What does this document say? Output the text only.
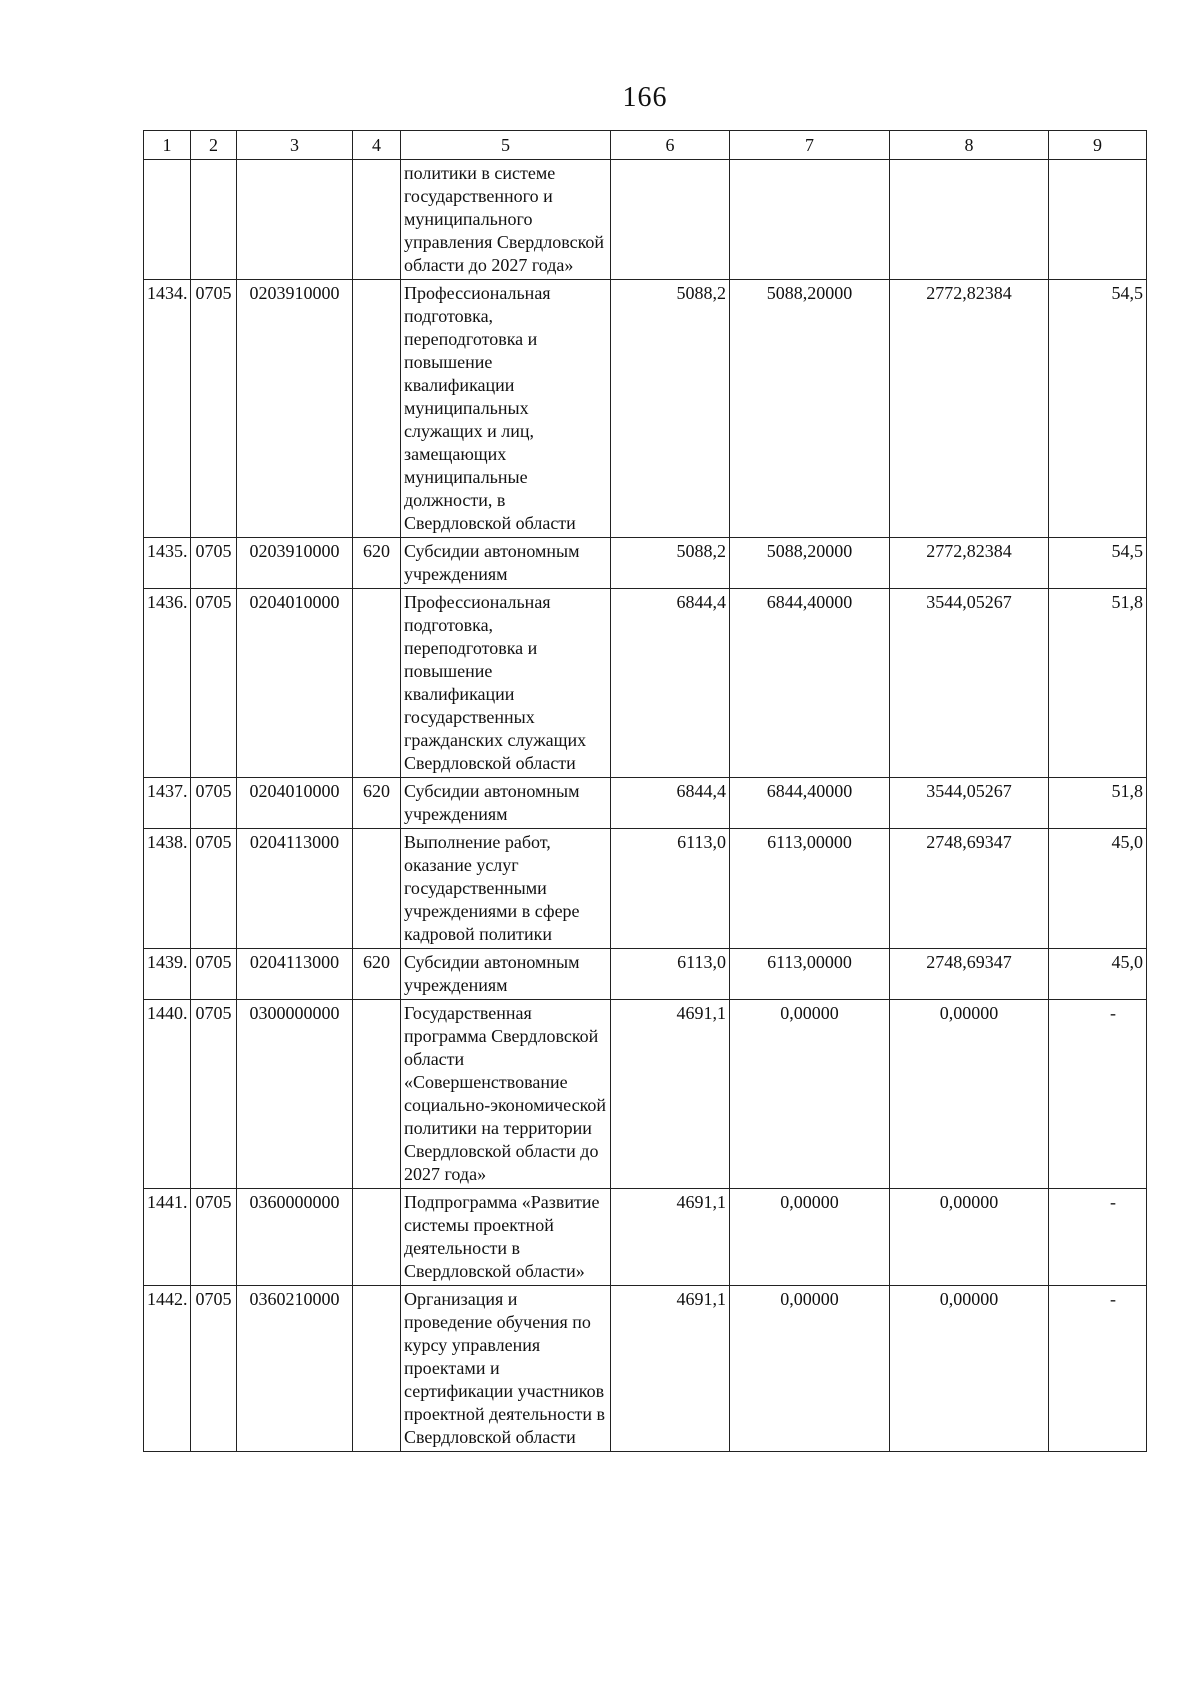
166
1	2	3	4	5	6	7	8	9
				политики в системе государственного и муниципального управления Свердловской области до 2027 года»				
1434.	0705	0203910000		Профессиональная подготовка, переподготовка и повышение квалификации муниципальных служащих и лиц, замещающих муниципальные должности, в Свердловской области	5088,2	5088,20000	2772,82384	54,5
1435.	0705	0203910000	620	Субсидии автономным учреждениям	5088,2	5088,20000	2772,82384	54,5
1436.	0705	0204010000		Профессиональная подготовка, переподготовка и повышение квалификации государственных гражданских служащих Свердловской области	6844,4	6844,40000	3544,05267	51,8
1437.	0705	0204010000	620	Субсидии автономным учреждениям	6844,4	6844,40000	3544,05267	51,8
1438.	0705	0204113000		Выполнение работ, оказание услуг государственными учреждениями в сфере кадровой политики	6113,0	6113,00000	2748,69347	45,0
1439.	0705	0204113000	620	Субсидии автономным учреждениям	6113,0	6113,00000	2748,69347	45,0
1440.	0705	0300000000		Государственная программа Свердловской области «Совершенствование социально-экономической политики на территории Свердловской области до 2027 года»	4691,1	0,00000	0,00000	-
1441.	0705	0360000000		Подпрограмма «Развитие системы проектной деятельности в Свердловской области»	4691,1	0,00000	0,00000	-
1442.	0705	0360210000		Организация и проведение обучения по курсу управления проектами и сертификации участников проектной деятельности в Свердловской области	4691,1	0,00000	0,00000	-
